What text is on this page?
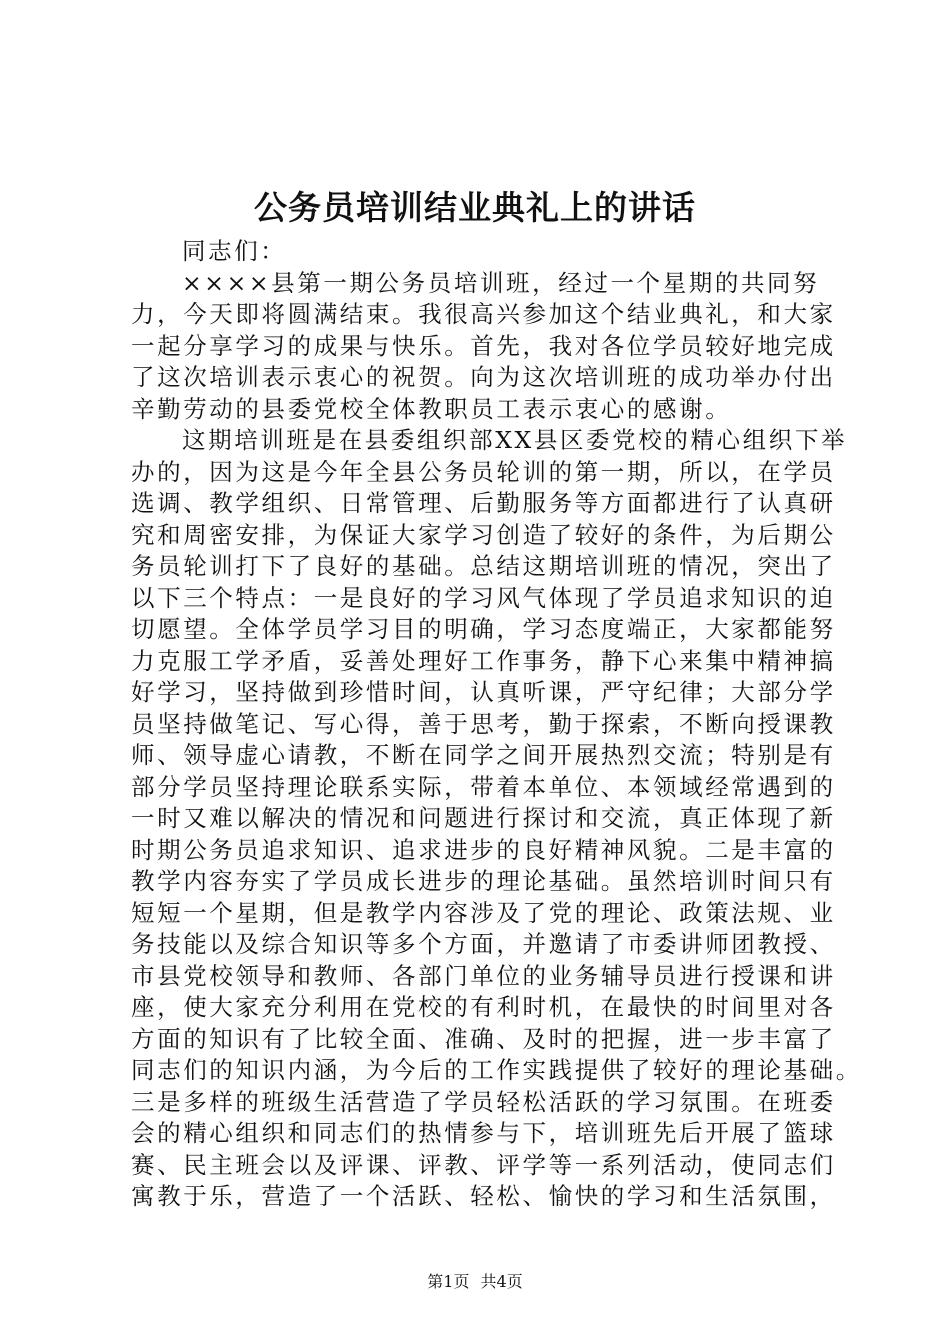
公务员培训结业典礼上的讲话
同志们：
××××县第一期公务员培训班，经过一个星期的共同努
力，今天即将圆满结束。我很高兴参加这个结业典礼，和大家
一起分享学习的成果与快乐。首先，我对各位学员较好地完成
了这次培训表示衷心的祝贺。向为这次培训班的成功举办付出
辛勤劳动的县委党校全体教职员工表示衷心的感谢。
这期培训班是在县委组织部XX县区委党校的精心组织下举
办的，因为这是今年全县公务员轮训的第一期，所以，在学员
选调、教学组织、日常管理、后勤服务等方面都进行了认真研
究和周密安排，为保证大家学习创造了较好的条件，为后期公
务员轮训打下了良好的基础。总结这期培训班的情况，突出了
以下三个特点：一是良好的学习风气体现了学员追求知识的迫
切愿望。全体学员学习目的明确，学习态度端正，大家都能努
力克服工学矛盾，妥善处理好工作事务，静下心来集中精神搞
好学习，坚持做到珍惜时间，认真听课，严守纪律；大部分学
员坚持做笔记、写心得，善于思考，勤于探索，不断向授课教
师、领导虚心请教，不断在同学之间开展热烈交流；特别是有
部分学员坚持理论联系实际，带着本单位、本领域经常遇到的
一时又难以解决的情况和问题进行探讨和交流，真正体现了新
时期公务员追求知识、追求进步的良好精神风貌。二是丰富的
教学内容夯实了学员成长进步的理论基础。虽然培训时间只有
短短一个星期，但是教学内容涉及了党的理论、政策法规、业
务技能以及综合知识等多个方面，并邀请了市委讲师团教授、
市县党校领导和教师、各部门单位的业务辅导员进行授课和讲
座，使大家充分利用在党校的有利时机，在最快的时间里对各
方面的知识有了比较全面、准确、及时的把握，进一步丰富了
同志们的知识内涵，为今后的工作实践提供了较好的理论基础。
三是多样的班级生活营造了学员轻松活跃的学习氛围。在班委
会的精心组织和同志们的热情参与下，培训班先后开展了篮球
赛、民主班会以及评课、评教、评学等一系列活动，使同志们
寓教于乐，营造了一个活跃、轻松、愉快的学习和生活氛围，
第1页 共4页
